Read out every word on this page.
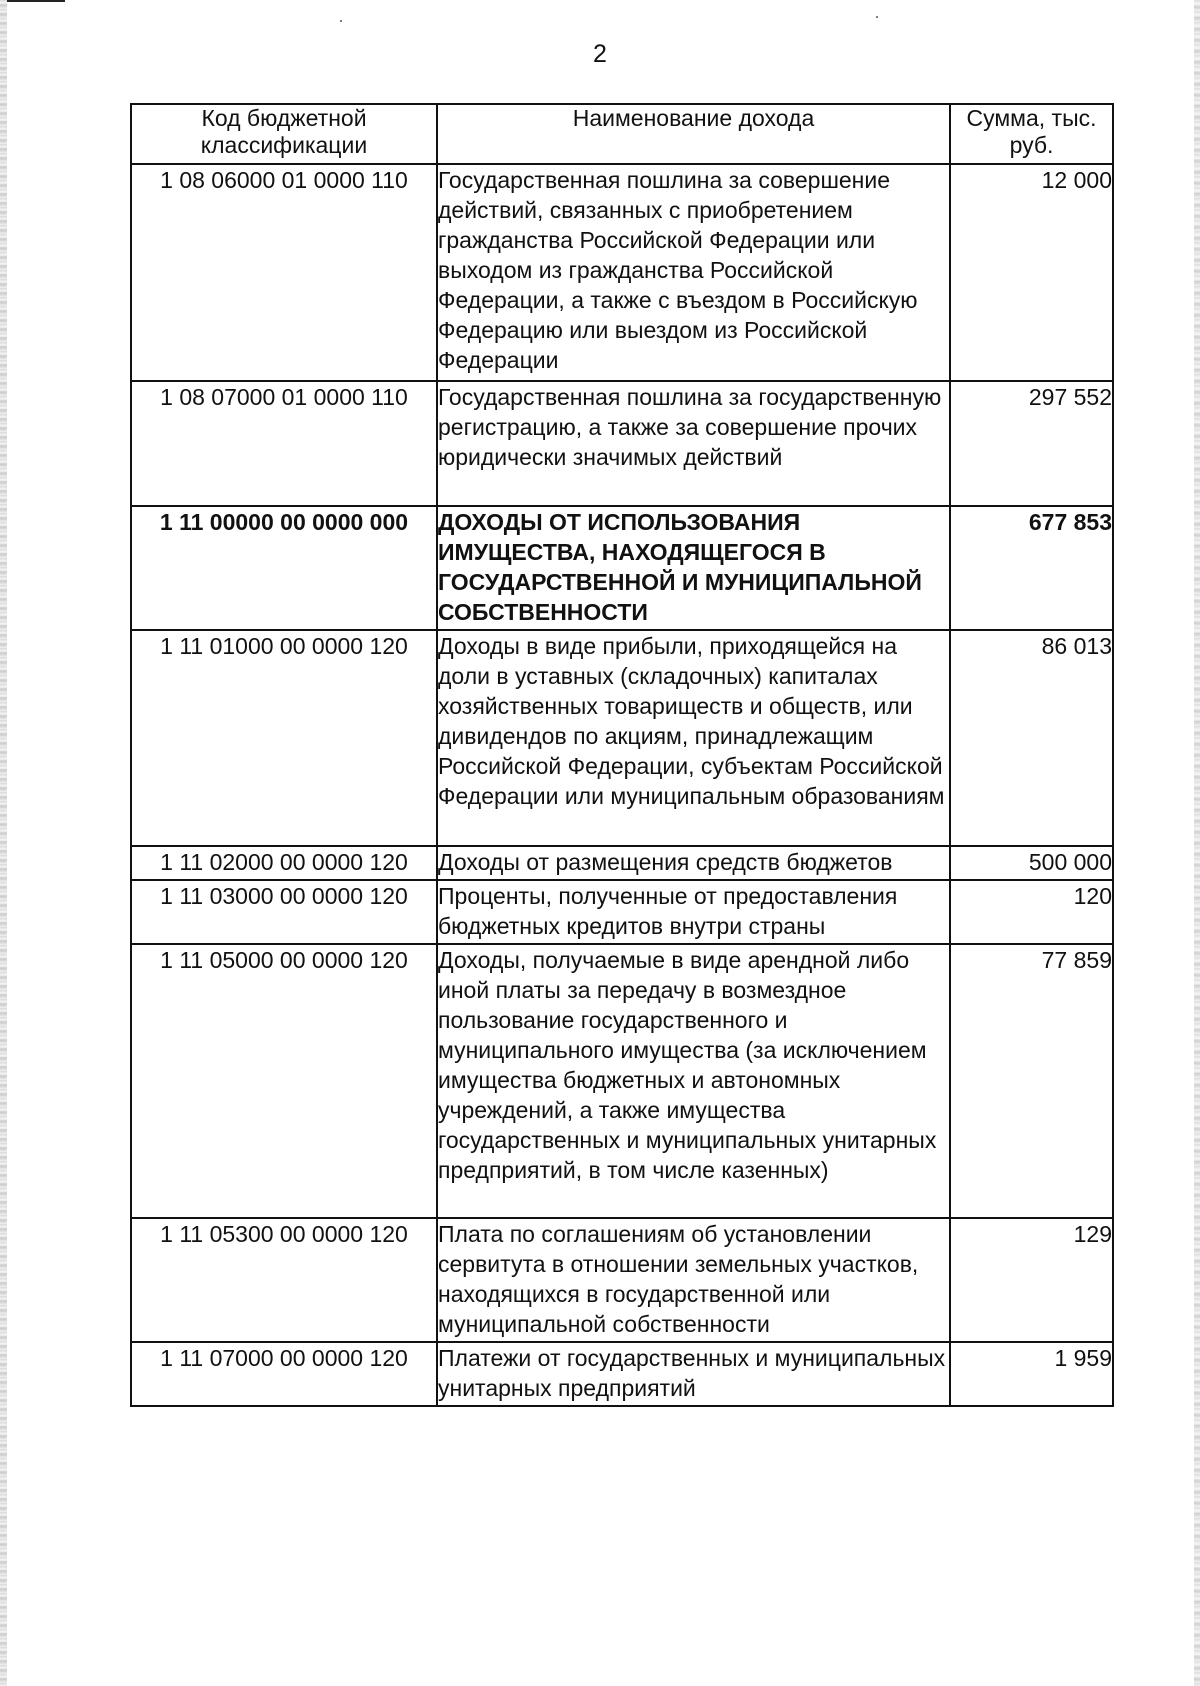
2
Код бюджетной классификации	Наименование дохода	Сумма, тыс. руб.
1 08 06000 01 0000 110	Государственная пошлина за совершение действий, связанных с приобретением гражданства Российской Федерации или выходом из гражданства Российской Федерации, а также с въездом в Российскую Федерацию или выездом из Российской Федерации	12 000
1 08 07000 01 0000 110	Государственная пошлина за государственную регистрацию, а также за совершение прочих юридически значимых действий	297 552
1 11 00000 00 0000 000	ДОХОДЫ ОТ ИСПОЛЬЗОВАНИЯ ИМУЩЕСТВА, НАХОДЯЩЕГОСЯ В ГОСУДАРСТВЕННОЙ И МУНИЦИПАЛЬНОЙ СОБСТВЕННОСТИ	677 853
1 11 01000 00 0000 120	Доходы в виде прибыли, приходящейся на доли в уставных (складочных) капиталах хозяйственных товариществ и обществ, или дивидендов по акциям, принадлежащим Российской Федерации, субъектам Российской Федерации или муниципальным образованиям	86 013
1 11 02000 00 0000 120	Доходы от размещения средств бюджетов	500 000
1 11 03000 00 0000 120	Проценты, полученные от предоставления бюджетных кредитов внутри страны	120
1 11 05000 00 0000 120	Доходы, получаемые в виде арендной либо иной платы за передачу в возмездное пользование государственного и муниципального имущества (за исключением имущества бюджетных и автономных учреждений, а также имущества государственных и муниципальных унитарных предприятий, в том числе казенных)	77 859
1 11 05300 00 0000 120	Плата по соглашениям об установлении сервитута в отношении земельных участков, находящихся в государственной или муниципальной собственности	129
1 11 07000 00 0000 120	Платежи от государственных и муниципальных унитарных предприятий	1 959
